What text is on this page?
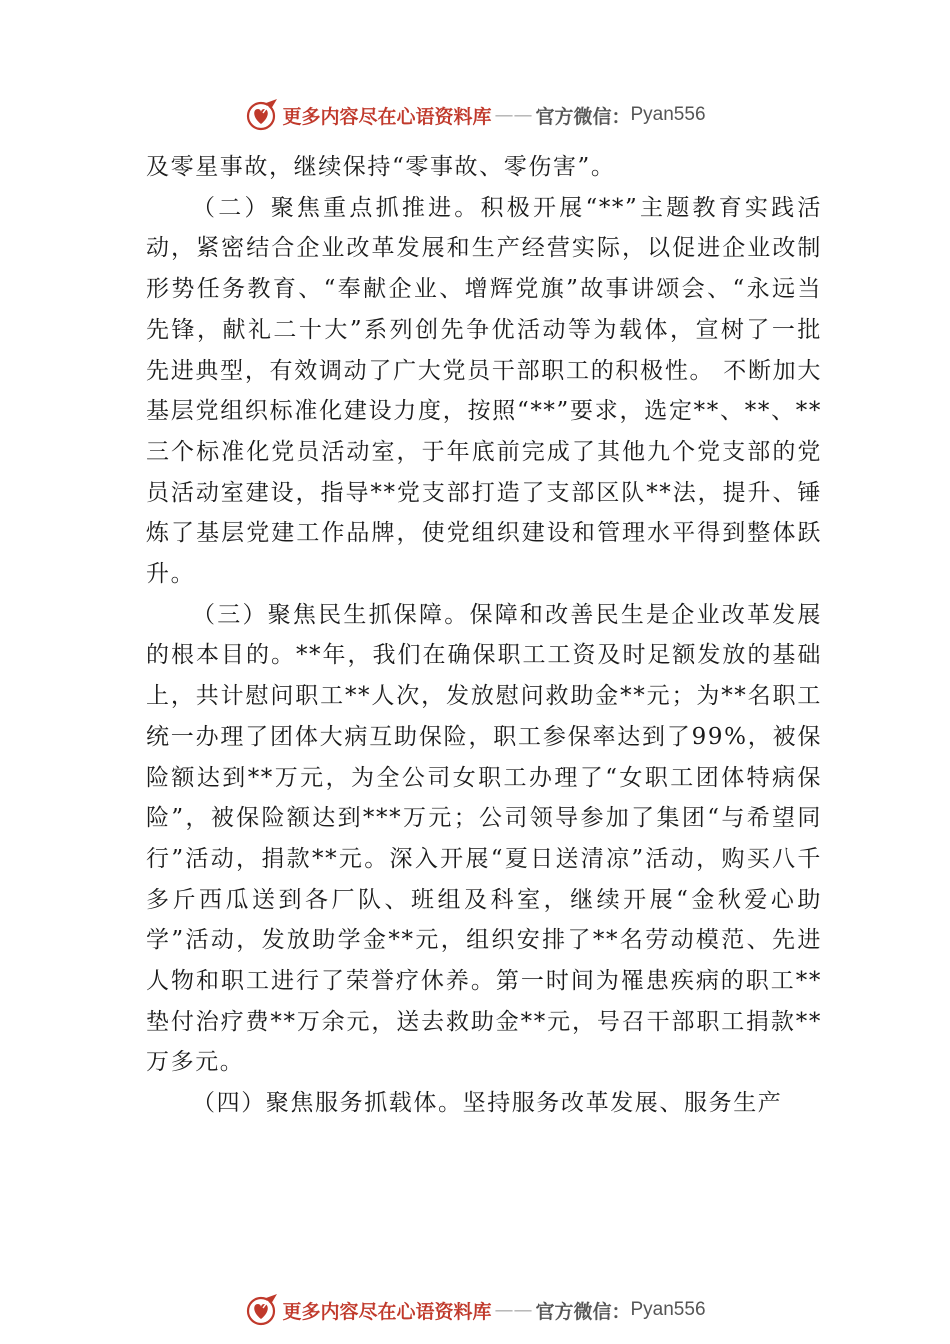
更多内容尽在心语资料库 —— 官方微信： Pyan556

及零星事故，继续保持“零事故、零伤害”。

（二）聚焦重点抓推进。积极开展“**”主题教育实践活动，紧密结合企业改革发展和生产经营实际，以促进企业改制形势任务教育、“奉献企业、增辉党旗”故事讲颂会、“永远当先锋，献礼二十大”系列创先争优活动等为载体，宣树了一批先进典型，有效调动了广大党员干部职工的积极性。 不断加大基层党组织标准化建设力度，按照“**”要求，选定**、**、**三个标准化党员活动室，于年底前完成了其他九个党支部的党员活动室建设，指导**党支部打造了支部区队**法，提升、锤炼了基层党建工作品牌，使党组织建设和管理水平得到整体跃升。

（三）聚焦民生抓保障。保障和改善民生是企业改革发展的根本目的。**年，我们在确保职工工资及时足额发放的基础上，共计慰问职工**人次，发放慰问救助金**元；为**名职工统一办理了团体大病互助保险，职工参保率达到了99%，被保险额达到**万元，为全公司女职工办理了“女职工团体特病保险”，被保险额达到***万元；公司领导参加了集团“与希望同行”活动，捐款**元。深入开展“夏日送清凉”活动，购买八千多斤西瓜送到各厂队、班组及科室，继续开展“金秋爱心助学”活动，发放助学金**元，组织安排了**名劳动模范、先进人物和职工进行了荣誉疗休养。第一时间为罹患疾病的职工**垫付治疗费**万余元，送去救助金**元，号召干部职工捐款**万多元。

（四）聚焦服务抓载体。坚持服务改革发展、服务生产

更多内容尽在心语资料库 —— 官方微信： Pyan556
